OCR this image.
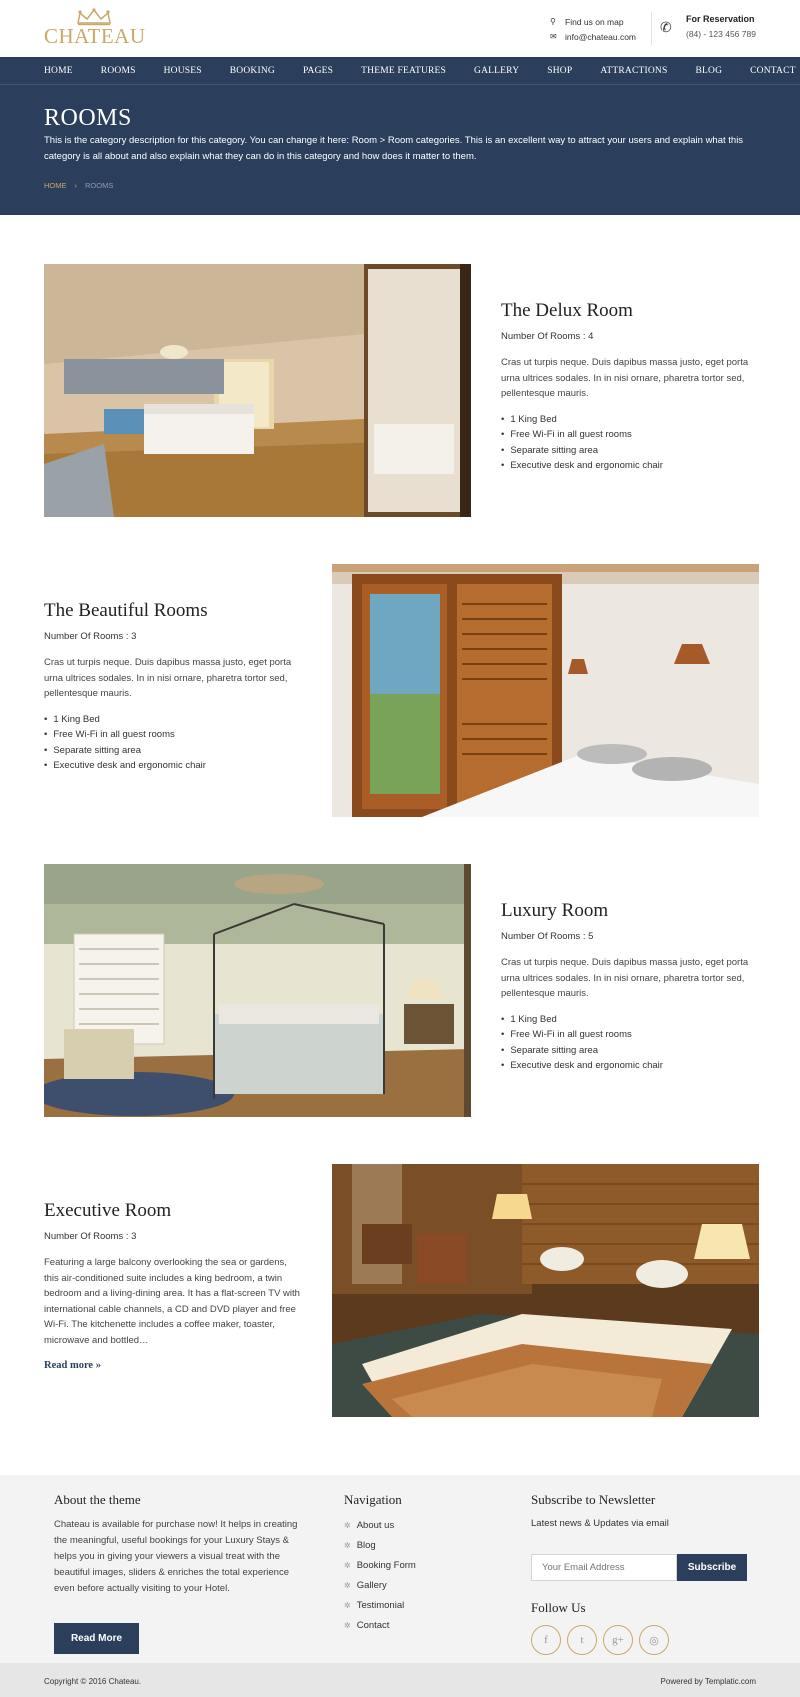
CHATEAU
⚲	Find us on map
✉ info@chateau.com
✆ For Reservation
(84) - 123 456 789
HOME	ROOMS	HOUSES	BOOKING	PAGES	THEME FEATURES	GALLERY	SHOP	ATTRACTIONS	BLOG	CONTACT
ROOMS

This is the category description for this category. You can change it here: Room > Room categories. This is an excellent way to attract your users and explain what this category is all about and also explain what they can do in this category and how does it matter to them.

HOME › ROOMS
The Delux Room
Number Of Rooms : 4
Cras ut turpis neque. Duis dapibus massa justo, eget porta urna ultrices sodales. In in nisi ornare, pharetra tortor sed, pellentesque mauris.
• 1 King Bed
• Free Wi-Fi in all guest rooms
• Separate sitting area
• Executive desk and ergonomic chair
The Beautiful Rooms
Number Of Rooms : 3
Cras ut turpis neque. Duis dapibus massa justo, eget porta urna ultrices sodales. In in nisi ornare, pharetra tortor sed, pellentesque mauris.
• 1 King Bed
• Free Wi-Fi in all guest rooms
• Separate sitting area
• Executive desk and ergonomic chair
Luxury Room
Number Of Rooms : 5
Cras ut turpis neque. Duis dapibus massa justo, eget porta urna ultrices sodales. In in nisi ornare, pharetra tortor sed, pellentesque mauris.
• 1 King Bed
• Free Wi-Fi in all guest rooms
• Separate sitting area
• Executive desk and ergonomic chair
Executive Room
Number Of Rooms : 3
Featuring a large balcony overlooking the sea or gardens, this air-conditioned suite includes a king bedroom, a twin bedroom and a living-dining area. It has a flat-screen TV with international cable channels, a CD and DVD player and free Wi-Fi. The kitchenette includes a coffee maker, toaster, microwave and bottled…
Read more »
About the theme

Chateau is available for purchase now! It helps in creating the meaningful, useful bookings for your Luxury Stays & helps you in giving your viewers a visual treat with the beautiful images, sliders & enriches the total experience even before actually visiting to your Hotel.

Read More
Navigation
✲ About us
✲ Blog
✲ Booking Form
✲ Gallery
✲ Testimonial
✲ Contact
Subscribe to Newsletter
Latest news & Updates via email
Your Email Address
Subscribe
Follow Us
f	t	g+	◎
Copyright © 2016 Chateau.	Powered by Templatic.com
